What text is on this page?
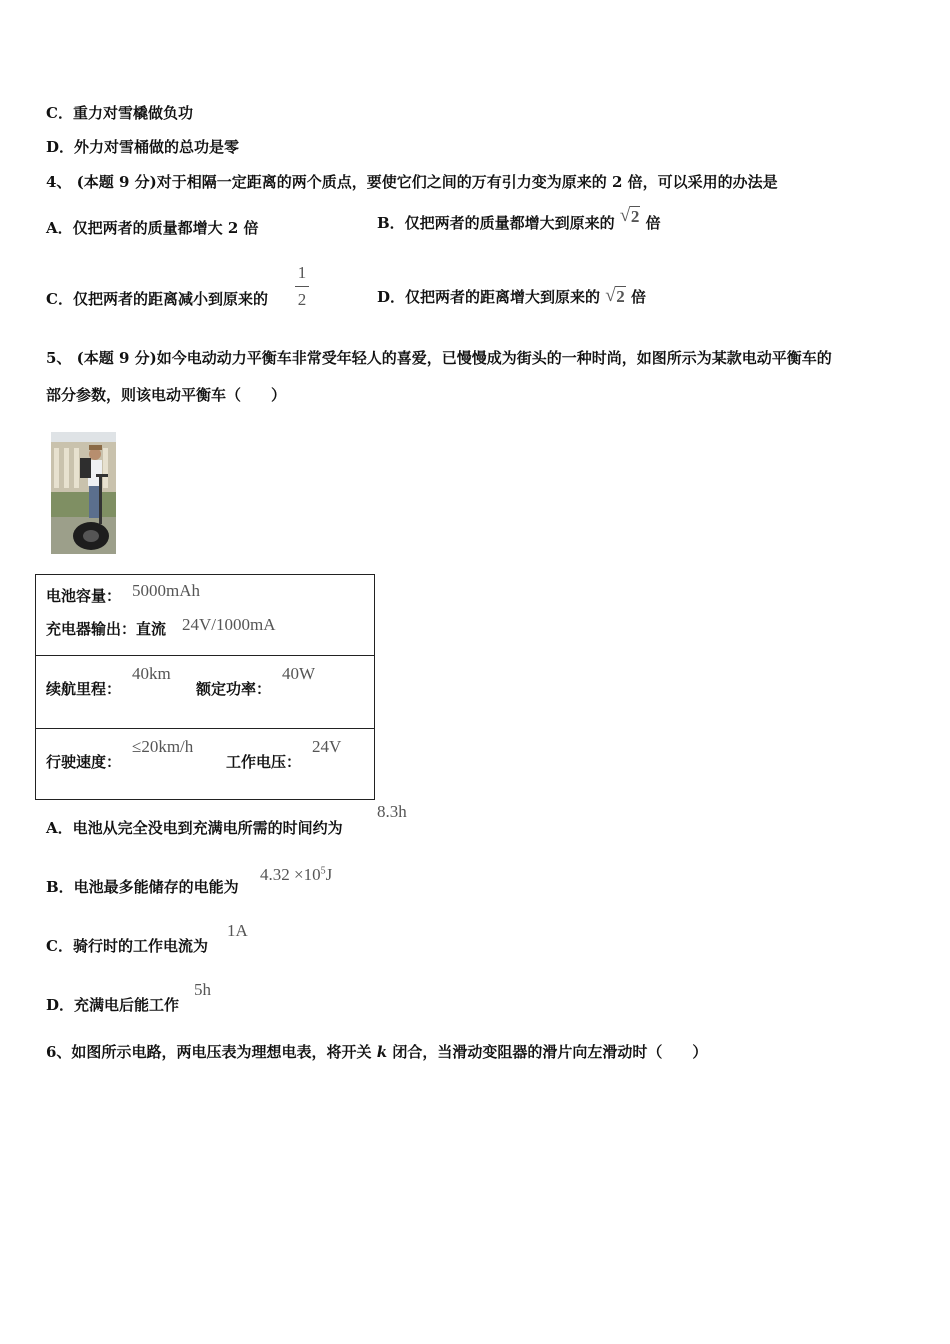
C．重力对雪橇做负功
D．外力对雪桶做的总功是零
4、 (本题 9 分)对于相隔一定距离的两个质点，要使它们之间的万有引力变为原来的 2 倍，可以采用的办法是
A．仅把两者的质量都增大 2 倍	B．仅把两者的质量都增大到原来的 √ 2 倍
C．仅把两者的距离减小到原来的
1
2	D．仅把两者的距离增大到原来的 √ 2 倍
5、 (本题 9 分)如今电动动力平衡车非常受年轻人的喜爱，已慢慢成为街头的一种时尚，如图所示为某款电动平衡车的
部分参数，则该电动平衡车（　　）
电池容量： 5000mAh
充电器输出：直流 24V/1000mA

续航里程：
40km
额定功率：
40W

行驶速度：
≤20km/h
工作电压：
24V
A．电池从完全没电到充满电所需的时间约为
8.3h
B．电池最多能储存的电能为
$4.32 \times 10^5J$
C．骑行时的工作电流为
1A
D．充满电后能工作
5h
6、如图所示电路，两电压表为理想电表，将开关 k 闭合，当滑动变阻器的滑片向左滑动时（　　）
